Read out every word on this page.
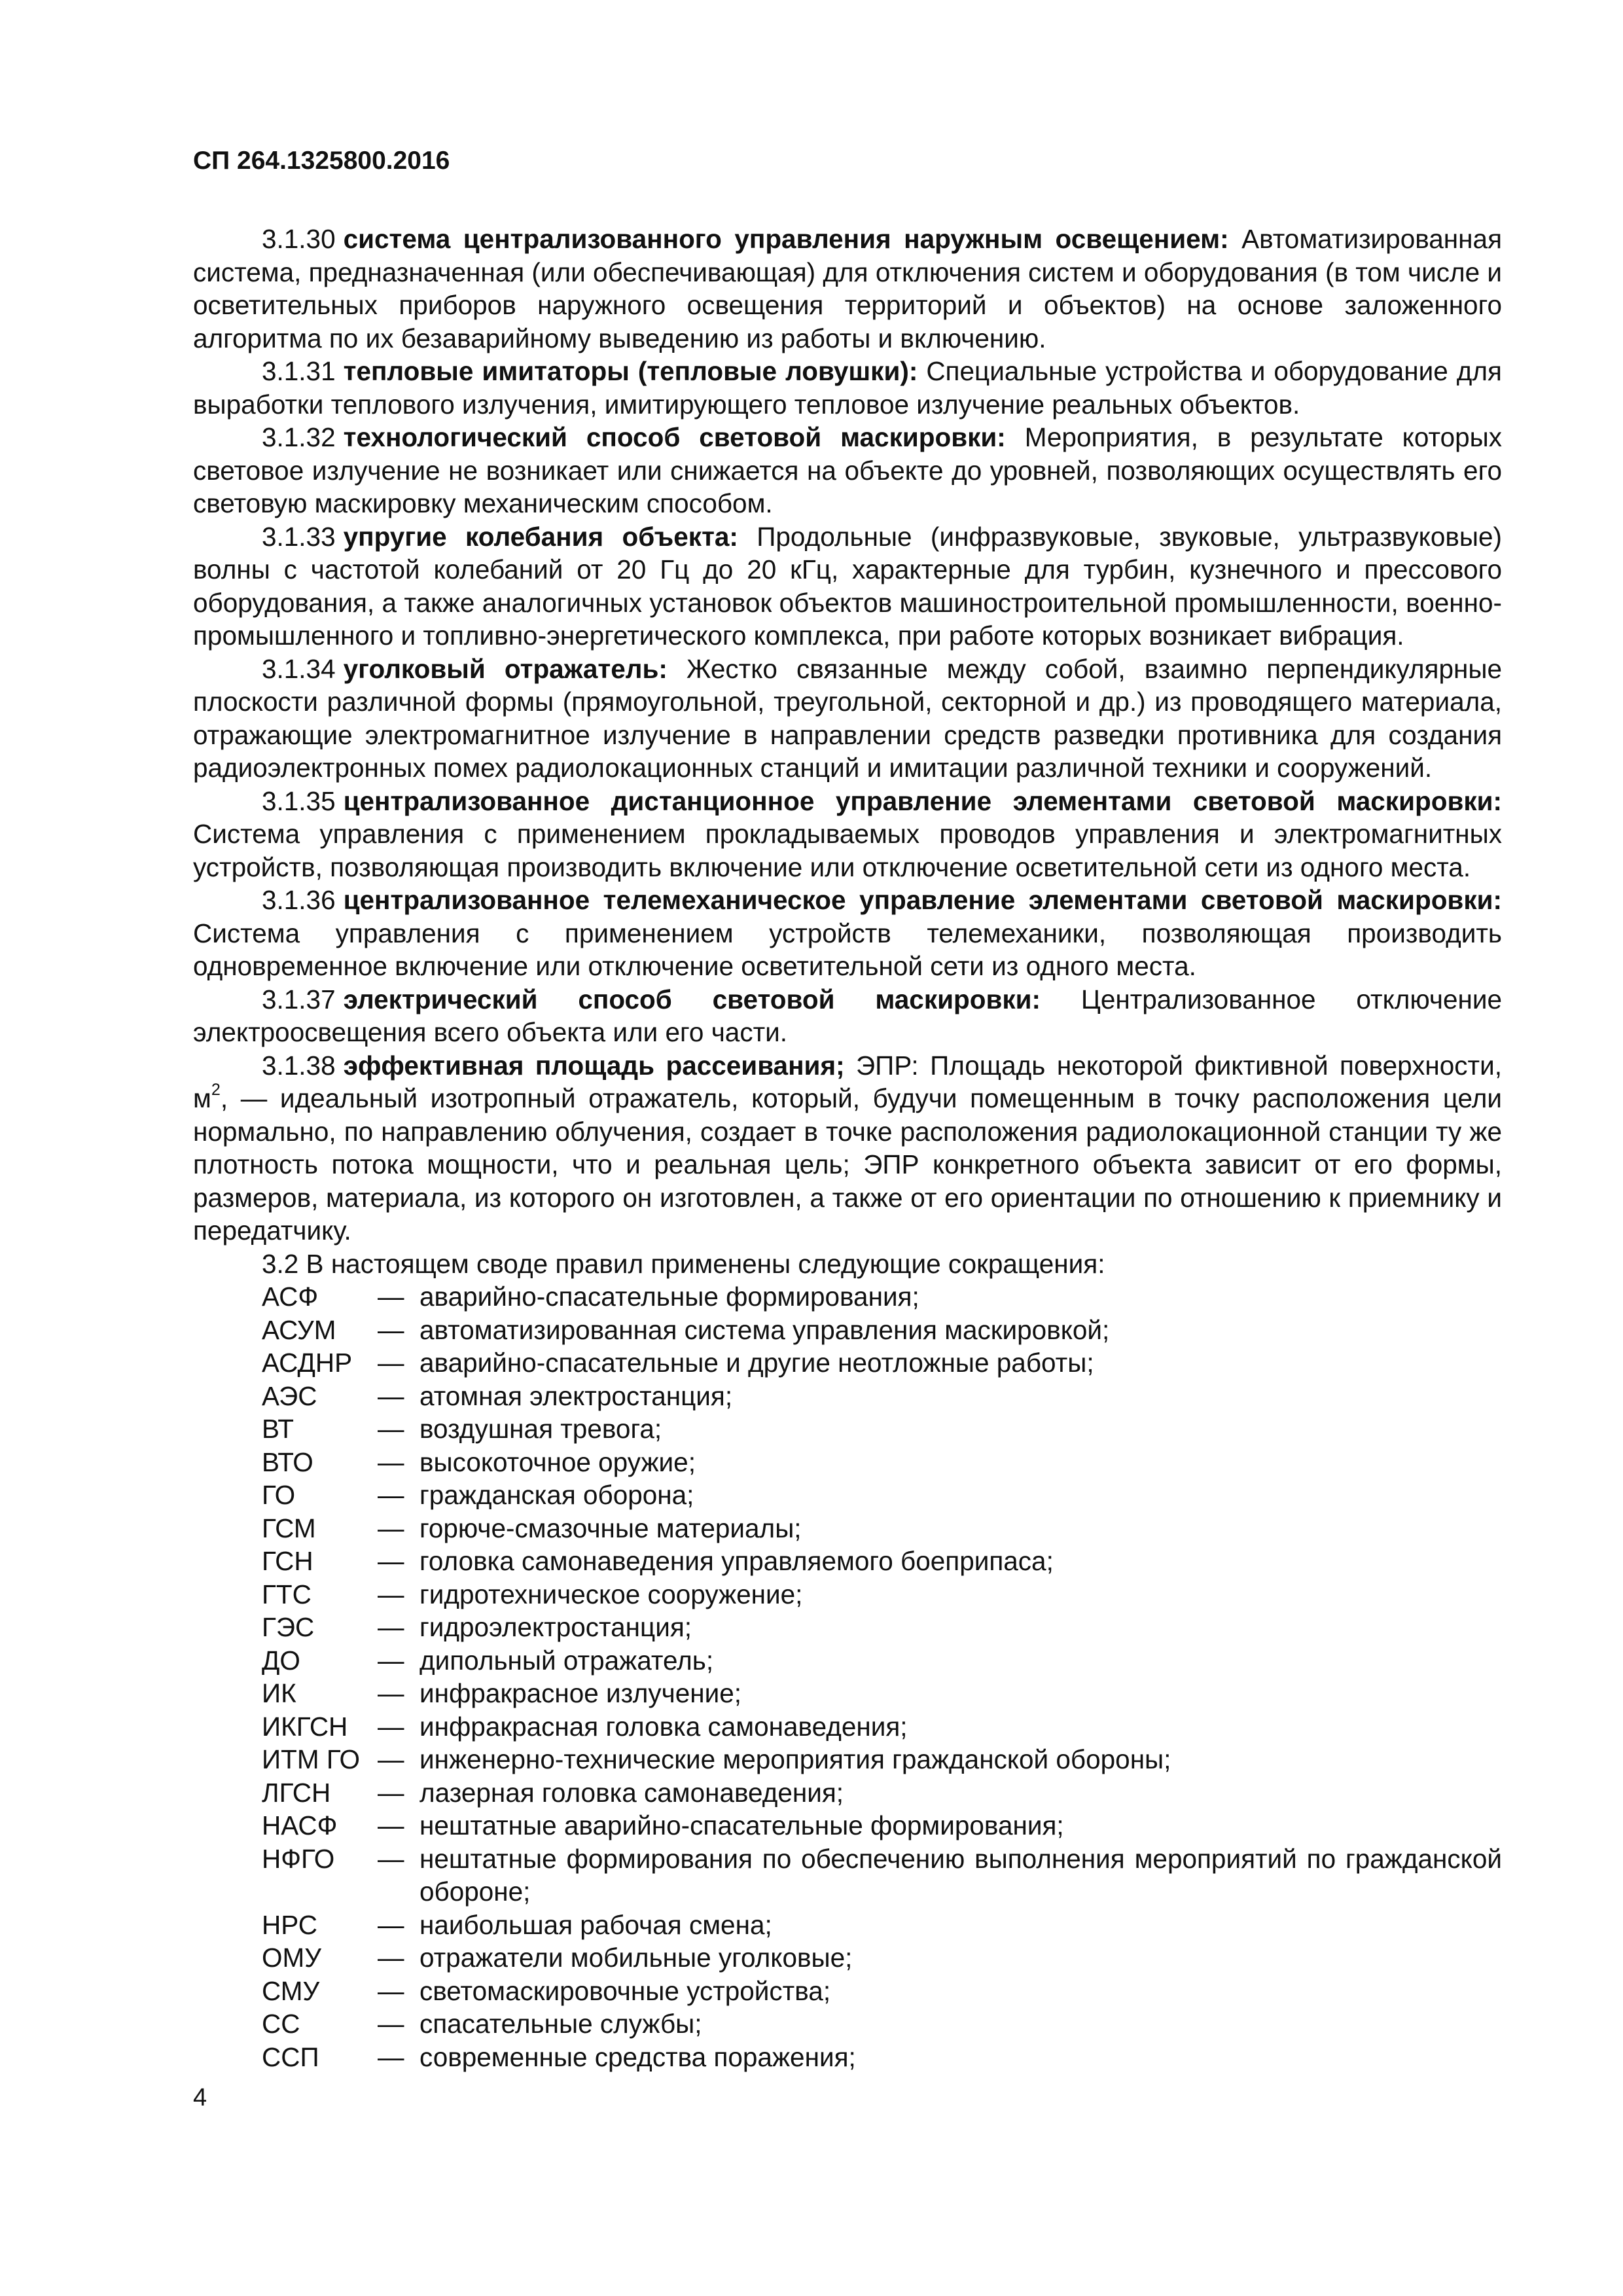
СП 264.1325800.2016

3.1.30 система централизованного управления наружным освещением: Автоматизированная система, предназначенная (или обеспечивающая) для отключения систем и оборудования (в том числе и осветительных приборов наружного освещения территорий и объектов) на основе заложенного алгоритма по их безаварийному выведению из работы и включению.

3.1.31 тепловые имитаторы (тепловые ловушки): Специальные устройства и оборудование для выработки теплового излучения, имитирующего тепловое излучение реальных объектов.

3.1.32 технологический способ световой маскировки: Мероприятия, в результате которых световое излучение не возникает или снижается на объекте до уровней, позволяющих осуществлять его световую маскировку механическим способом.

3.1.33 упругие колебания объекта: Продольные (инфразвуковые, звуковые, ультразвуковые) волны с частотой колебаний от 20 Гц до 20 кГц, характерные для турбин, кузнечного и прессового оборудования, а также аналогичных установок объектов машиностроительной промышленности, военно-промышленного и топливно-энергетического комплекса, при работе которых возникает вибрация.

3.1.34 уголковый отражатель: Жестко связанные между собой, взаимно перпендикулярные плоскости различной формы (прямоугольной, треугольной, секторной и др.) из проводящего материала, отражающие электромагнитное излучение в направлении средств разведки противника для создания радиоэлектронных помех радиолокационных станций и имитации различной техники и сооружений.

3.1.35 централизованное дистанционное управление элементами световой маскировки: Система управления с применением прокладываемых проводов управления и электромагнитных устройств, позволяющая производить включение или отключение осветительной сети из одного места.

3.1.36 централизованное телемеханическое управление элементами световой маскировки: Система управления с применением устройств телемеханики, позволяющая производить одновременное включение или отключение осветительной сети из одного места.

3.1.37 электрический способ световой маскировки: Централизованное отключение электроосвещения всего объекта или его части.

3.1.38 эффективная площадь рассеивания; ЭПР: Площадь некоторой фиктивной поверхности, $м^2$, — идеальный изотропный отражатель, который, будучи помещенным в точку расположения цели нормально, по направлению облучения, создает в точке расположения радиолокационной станции ту же плотность потока мощности, что и реальная цель; ЭПР конкретного объекта зависит от его формы, размеров, материала, из которого он изготовлен, а также от его ориентации по отношению к приемнику и передатчику.

3.2 В настоящем своде правил применены следующие сокращения:

АСФ	— аварийно-спасательные формирования;
АСУМ	— автоматизированная система управления маскировкой;
АСДНР — аварийно-спасательные и другие неотложные работы;
АЭС	— атомная электростанция;
ВТ	— воздушная тревога;
ВТО	— высокоточное оружие;
ГО	— гражданская оборона;
ГСМ	— горюче-смазочные материалы;
ГСН	— головка самонаведения управляемого боеприпаса;
ГТС	— гидротехническое сооружение;
ГЭС	— гидроэлектростанция;
ДО	— дипольный отражатель;
ИК	— инфракрасное излучение;
ИКГСН	— инфракрасная головка самонаведения;
ИТМ ГО — инженерно-технические мероприятия гражданской обороны;
ЛГСН	— лазерная головка самонаведения;
НАСФ	— нештатные аварийно-спасательные формирования;
НФГО	— нештатные формирования по обеспечению выполнения мероприятий по гражданской обороне;
НРС	— наибольшая рабочая смена;
ОМУ	— отражатели мобильные уголковые;
СМУ	— светомаскировочные устройства;
СС	— спасательные службы;
ССП	— современные средства поражения;
4
